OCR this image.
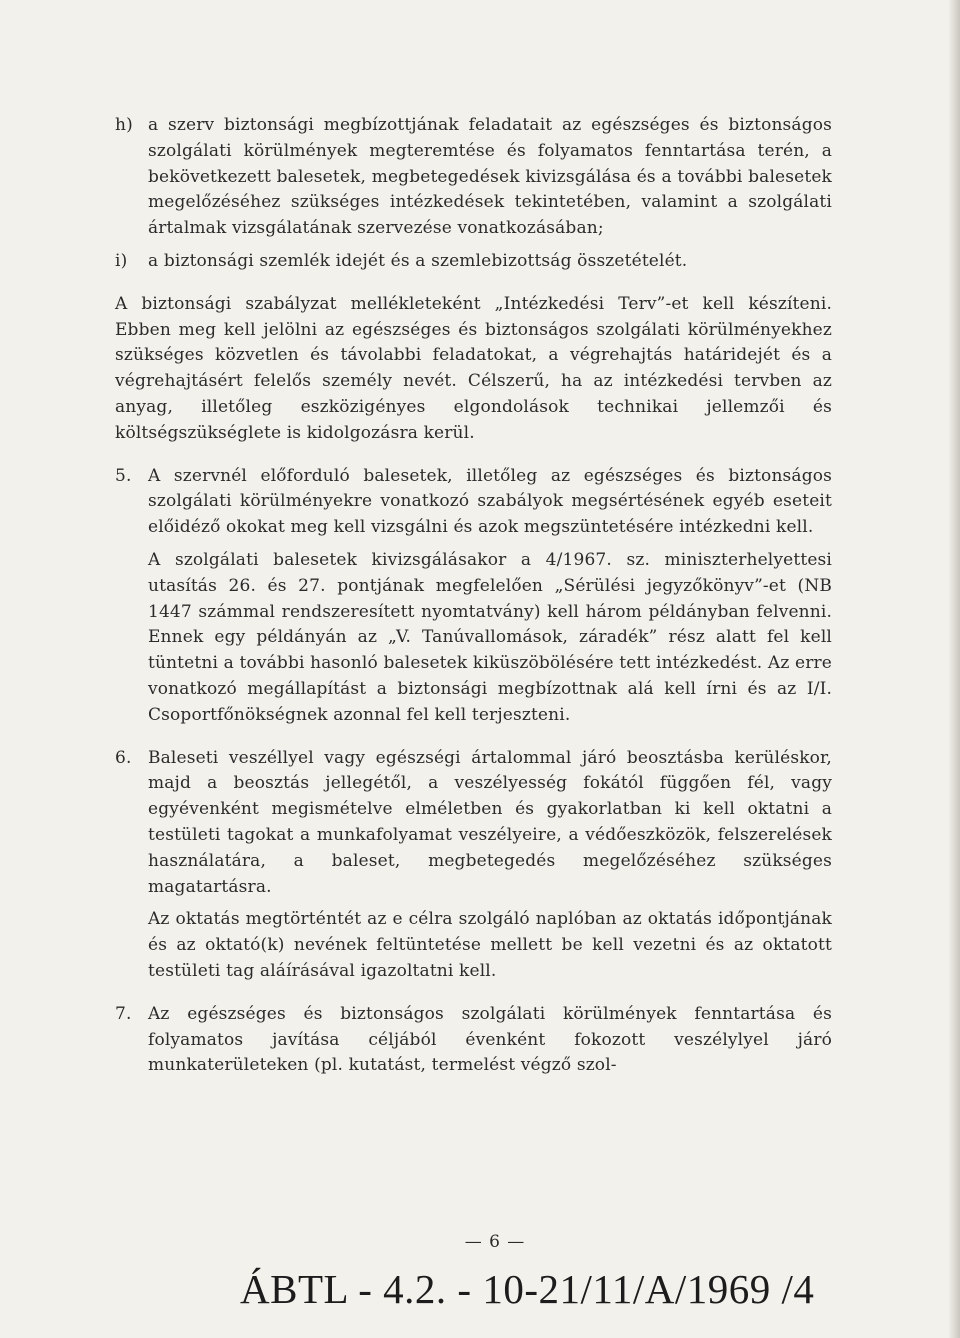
h) a szerv biztonsági megbízottjának feladatait az egészséges és biztonságos szolgálati körülmények megteremtése és folyamatos fenntartása terén, a bekövetkezett balesetek, megbetegedések kivizsgálása és a további balesetek megelőzéséhez szükséges intézkedések tekintetében, valamint a szolgálati ártalmak vizsgálatának szervezése vonatkozásában;
i)	a biztonsági szemlék idejét és a szemlebizottság összetételét.

A biztonsági szabályzat mellékleteként „Intézkedési Terv”-et kell készíteni. Ebben meg kell jelölni az egészséges és biztonságos szolgálati körülményekhez szükséges közvetlen és távolabbi feladatokat, a végrehajtás határidejét és a végrehajtásért felelős személy nevét. Célszerű, ha az intézkedési tervben az anyag, illetőleg eszközigényes elgondolások technikai jellemzői és költségszükséglete is kidolgozásra kerül.

5. A szervnél előforduló balesetek, illetőleg az egészséges és biztonságos szolgálati körülményekre vonatkozó szabályok megsértésének egyéb eseteit előidéző okokat meg kell vizsgálni és azok megszüntetésére intézkedni kell.

A szolgálati balesetek kivizsgálásakor a 4/1967. sz. miniszterhelyettesi utasítás 26. és 27. pontjának megfelelően „Sérülési jegyzőkönyv”-et (NB 1447 számmal rendszeresített nyomtatvány) kell három példányban felvenni. Ennek egy példányán az „V. Tanúvallomások, záradék” rész alatt fel kell tüntetni a további hasonló balesetek kiküszöbölésére tett intézkedést. Az erre vonatkozó megállapítást a biztonsági megbízottnak alá kell írni és az I/I. Csoportfőnökségnek azonnal fel kell terjeszteni.

6. Baleseti veszéllyel vagy egészségi ártalommal járó beosztásba kerüléskor, majd a beosztás jellegétől, a veszélyesség fokától függően fél, vagy egyévenként megismételve elméletben és gyakorlatban ki kell oktatni a testületi tagokat a munkafolyamat veszélyeire, a védőeszközök, felszerelések használatára, a baleset, megbetegedés megelőzéséhez szükséges magatartásra.

Az oktatás megtörténtét az e célra szolgáló naplóban az oktatás időpontjának és az oktató(k) nevének feltüntetése mellett be kell vezetni és az oktatott testületi tag aláírásával igazoltatni kell.

7. Az egészséges és biztonságos szolgálati körülmények fenntartása és folyamatos javítása céljából évenként fokozott veszélylyel járó munkaterületeken (pl. kutatást, termelést végző szol-

— 6 —
ÁBTL - 4.2. - 10-21/11/A/1969 /4
